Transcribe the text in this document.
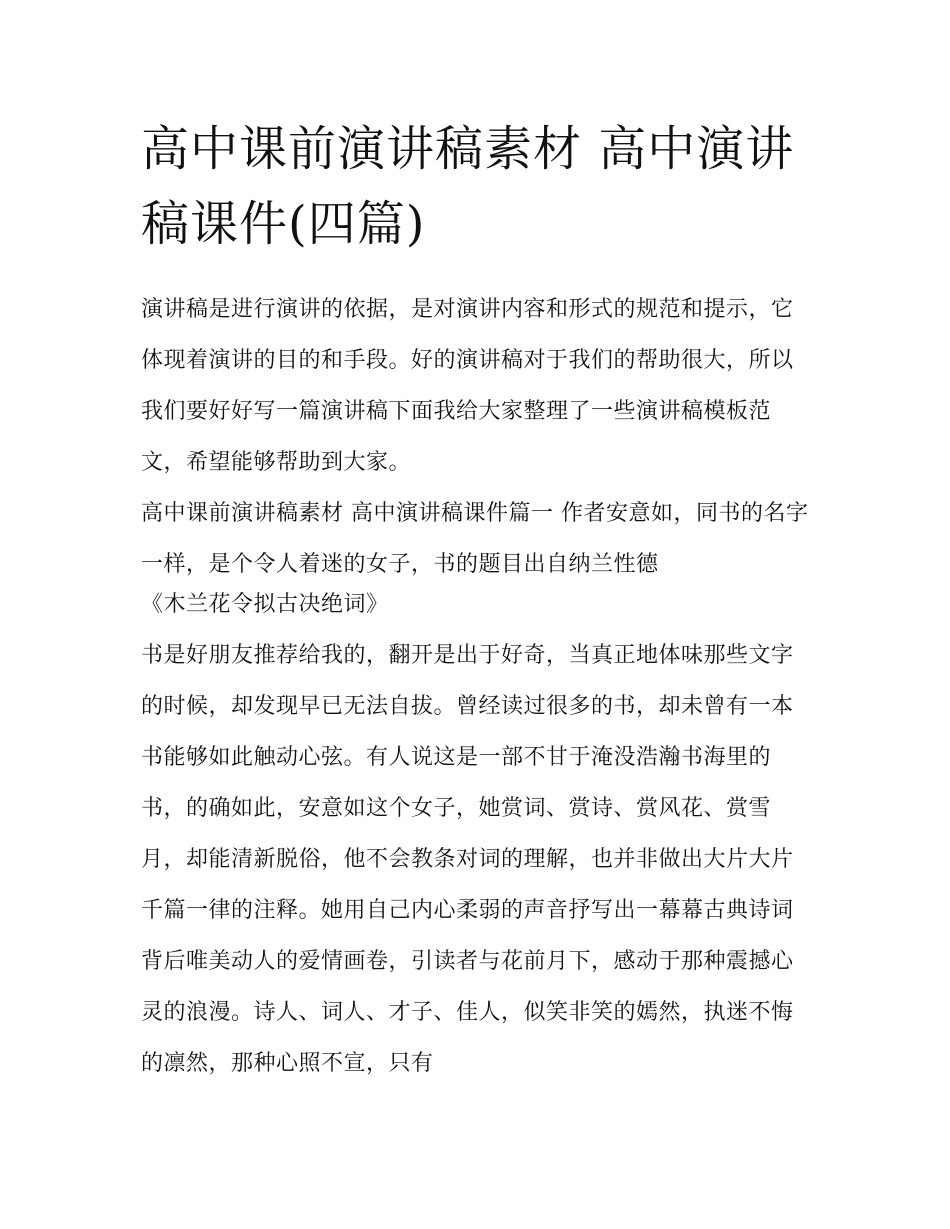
高中课前演讲稿素材 高中演讲稿课件(四篇)

演讲稿是进行演讲的依据，是对演讲内容和形式的规范和提示，它体现着演讲的目的和手段。好的演讲稿对于我们的帮助很大，所以我们要好好写一篇演讲稿下面我给大家整理了一些演讲稿模板范文，希望能够帮助到大家。

高中课前演讲稿素材 高中演讲稿课件篇一 作者安意如，同书的名字一样，是个令人着迷的女子，书的题目出自纳兰性德

《木兰花令拟古决绝词》

书是好朋友推荐给我的，翻开是出于好奇，当真正地体味那些文字的时候，却发现早已无法自拔。曾经读过很多的书，却未曾有一本书能够如此触动心弦。有人说这是一部不甘于淹没浩瀚书海里的书，的确如此，安意如这个女子，她赏词、赏诗、赏风花、赏雪月，却能清新脱俗，他不会教条对词的理解，也并非做出大片大片千篇一律的注释。她用自己内心柔弱的声音抒写出一幕幕古典诗词背后唯美动人的爱情画卷，引读者与花前月下，感动于那种震撼心灵的浪漫。诗人、词人、才子、佳人，似笑非笑的嫣然，执迷不悔的凛然，那种心照不宣，只有
